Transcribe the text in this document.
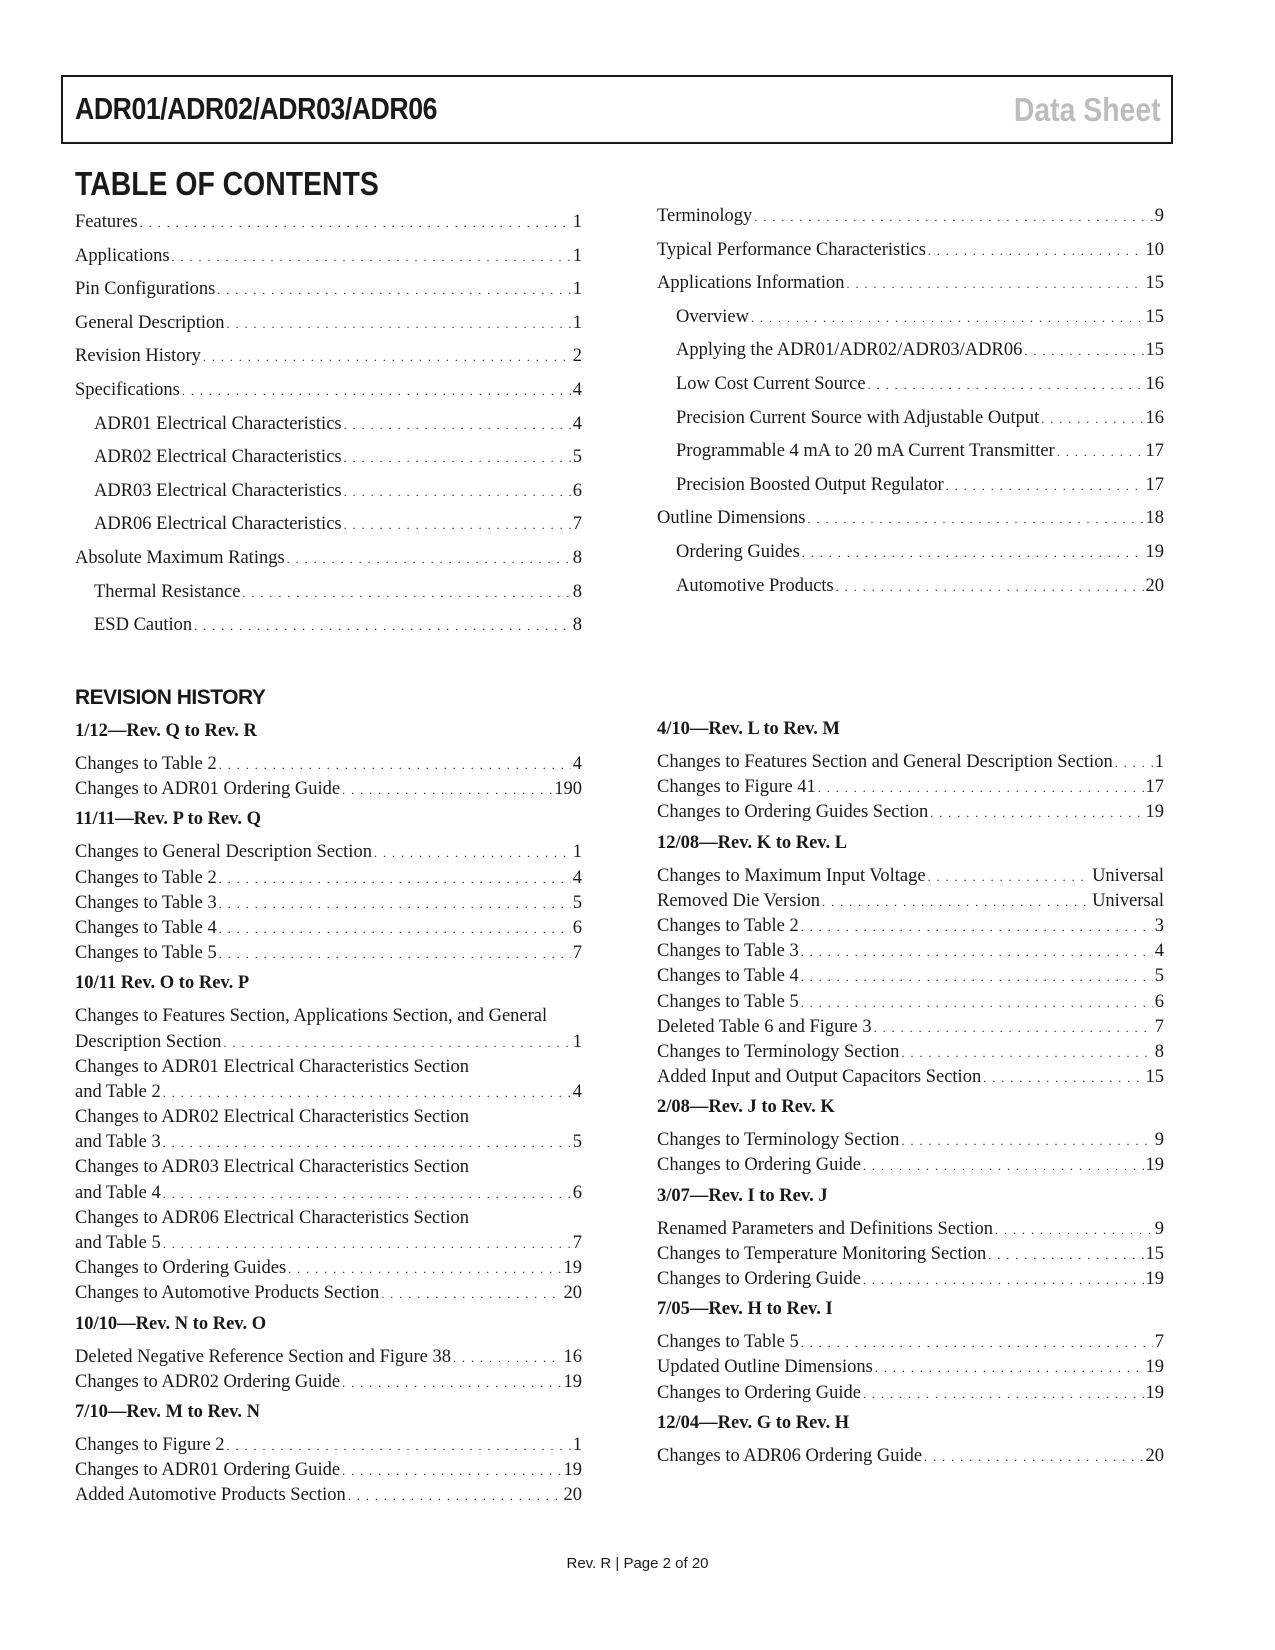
ADR01/ADR02/ADR03/ADR06	Data Sheet
TABLE OF CONTENTS
Features . . .	1
Applications . . .	1
Pin Configurations . . .	1
General Description . . .	1
Revision History . . .	2
Specifications . . .	4
ADR01 Electrical Characteristics . . .	4
ADR02 Electrical Characteristics . . .	5
ADR03 Electrical Characteristics . . .	6
ADR06 Electrical Characteristics . . .	7
Absolute Maximum Ratings . . .	8
Thermal Resistance . . .	8
ESD Caution . . .	8
Terminology . . .	9
Typical Performance Characteristics . . .	10
Applications Information . . .	15
Overview . . .	15
Applying the ADR01/ADR02/ADR03/ADR06 . . .	15
Low Cost Current Source . . .	16
Precision Current Source with Adjustable Output . . .	16
Programmable 4 mA to 20 mA Current Transmitter . . .	17
Precision Boosted Output Regulator . . .	17
Outline Dimensions . . .	18
Ordering Guides . . .	19
Automotive Products . . .	20
REVISION HISTORY
1/12—Rev. Q to Rev. R
Changes to Table 2 . . .	4
Changes to ADR01 Ordering Guide . . .	190
11/11—Rev. P to Rev. Q
Changes to General Description Section . . .	1
Changes to Table 2 . . .	4
Changes to Table 3 . . .	5
Changes to Table 4 . . .	6
Changes to Table 5 . . .	7
10/11 Rev. O to Rev. P
Changes to Features Section, Applications Section, and General
Description Section . . .	1
Changes to ADR01 Electrical Characteristics Section
and Table 2 . . .	4
Changes to ADR02 Electrical Characteristics Section
and Table 3 . . .	5
Changes to ADR03 Electrical Characteristics Section
and Table 4 . . .	6
Changes to ADR06 Electrical Characteristics Section
and Table 5 . . .	7
Changes to Ordering Guides . . .	19
Changes to Automotive Products Section . . .	20
10/10—Rev. N to Rev. O
Deleted Negative Reference Section and Figure 38 . . .	16
Changes to ADR02 Ordering Guide . . .	19
7/10—Rev. M to Rev. N
Changes to Figure 2 . . .	1
Changes to ADR01 Ordering Guide . . .	19
Added Automotive Products Section . . .	20
4/10—Rev. L to Rev. M
Changes to Features Section and General Description Section . . . 1
Changes to Figure 41 . . .	17
Changes to Ordering Guides Section . . .	19
12/08—Rev. K to Rev. L
Changes to Maximum Input Voltage . . .	Universal
Removed Die Version . . .	Universal
Changes to Table 2 . . .	3
Changes to Table 3 . . .	4
Changes to Table 4 . . .	5
Changes to Table 5 . . .	6
Deleted Table 6 and Figure 3 . . .	7
Changes to Terminology Section . . .	8
Added Input and Output Capacitors Section . . .	15
2/08—Rev. J to Rev. K
Changes to Terminology Section . . .	9
Changes to Ordering Guide . . .	19
3/07—Rev. I to Rev. J
Renamed Parameters and Definitions Section . . .	9
Changes to Temperature Monitoring Section . . .	15
Changes to Ordering Guide . . .	19
7/05—Rev. H to Rev. I
Changes to Table 5 . . .	7
Updated Outline Dimensions . . .	19
Changes to Ordering Guide . . .	19
12/04—Rev. G to Rev. H
Changes to ADR06 Ordering Guide . . .	20
Rev. R | Page 2 of 20
